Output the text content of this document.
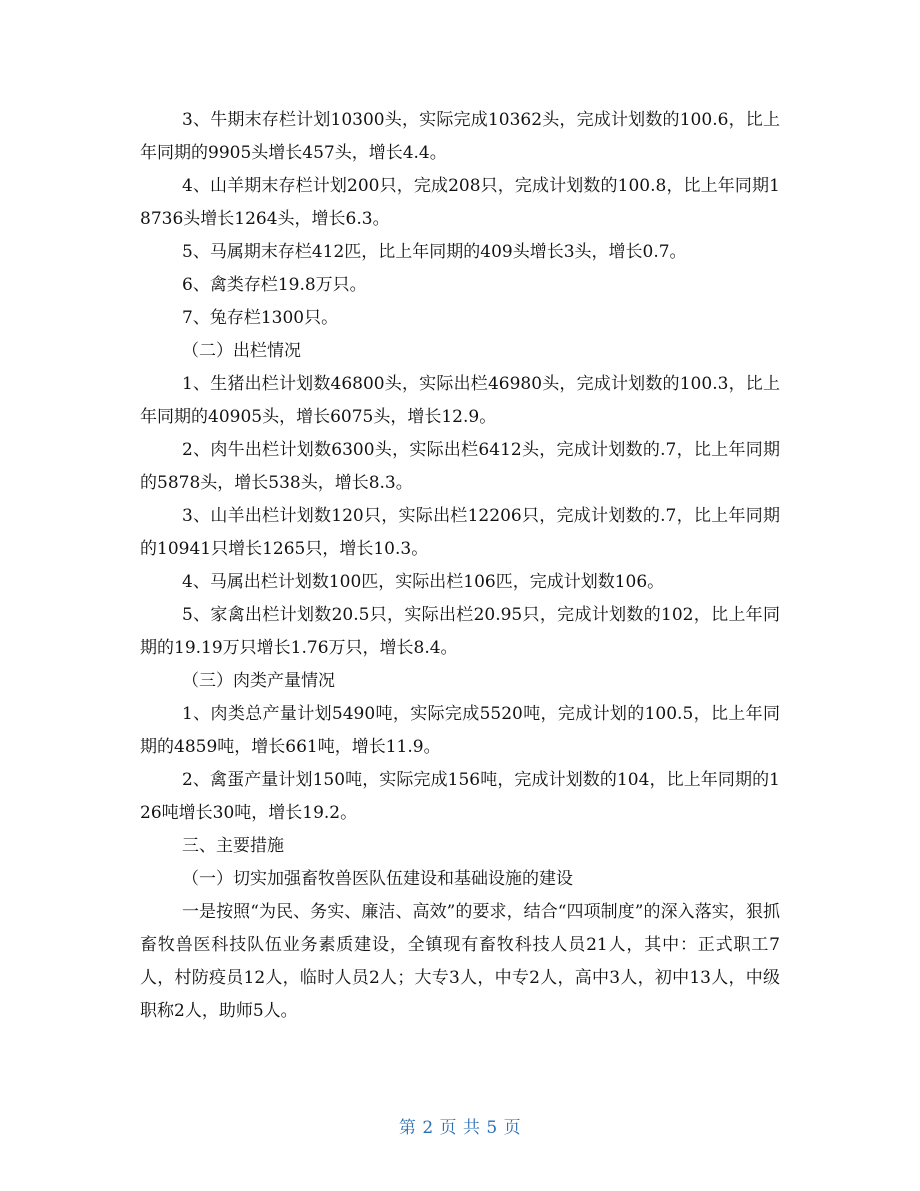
3、牛期末存栏计划10300头，实际完成10362头，完成计划数的100.6，比上年同期的9905头增长457头，增长4.4。

4、山羊期末存栏计划200只，完成208只，完成计划数的100.8，比上年同期18736头增长1264头，增长6.3。

5、马属期末存栏412匹，比上年同期的409头增长3头，增长0.7。

6、禽类存栏19.8万只。

7、兔存栏1300只。

（二）出栏情况

1、生猪出栏计划数46800头，实际出栏46980头，完成计划数的100.3，比上年同期的40905头，增长6075头，增长12.9。

2、肉牛出栏计划数6300头，实际出栏6412头，完成计划数的.7，比上年同期的5878头，增长538头，增长8.3。

3、山羊出栏计划数120只，实际出栏12206只，完成计划数的.7，比上年同期的10941只增长1265只，增长10.3。

4、马属出栏计划数100匹，实际出栏106匹，完成计划数106。

5、家禽出栏计划数20.5只，实际出栏20.95只，完成计划数的102，比上年同期的19.19万只增长1.76万只，增长8.4。

（三）肉类产量情况

1、肉类总产量计划5490吨，实际完成5520吨，完成计划的100.5，比上年同期的4859吨，增长661吨，增长11.9。

2、禽蛋产量计划150吨，实际完成156吨，完成计划数的104，比上年同期的126吨增长30吨，增长19.2。

三、主要措施

（一）切实加强畜牧兽医队伍建设和基础设施的建设

一是按照“为民、务实、廉洁、高效”的要求，结合“四项制度”的深入落实，狠抓畜牧兽医科技队伍业务素质建设，全镇现有畜牧科技人员21人，其中：正式职工7人，村防疫员12人，临时人员2人；大专3人，中专2人，高中3人，初中13人，中级职称2人，助师5人。

第 2 页 共 5 页
